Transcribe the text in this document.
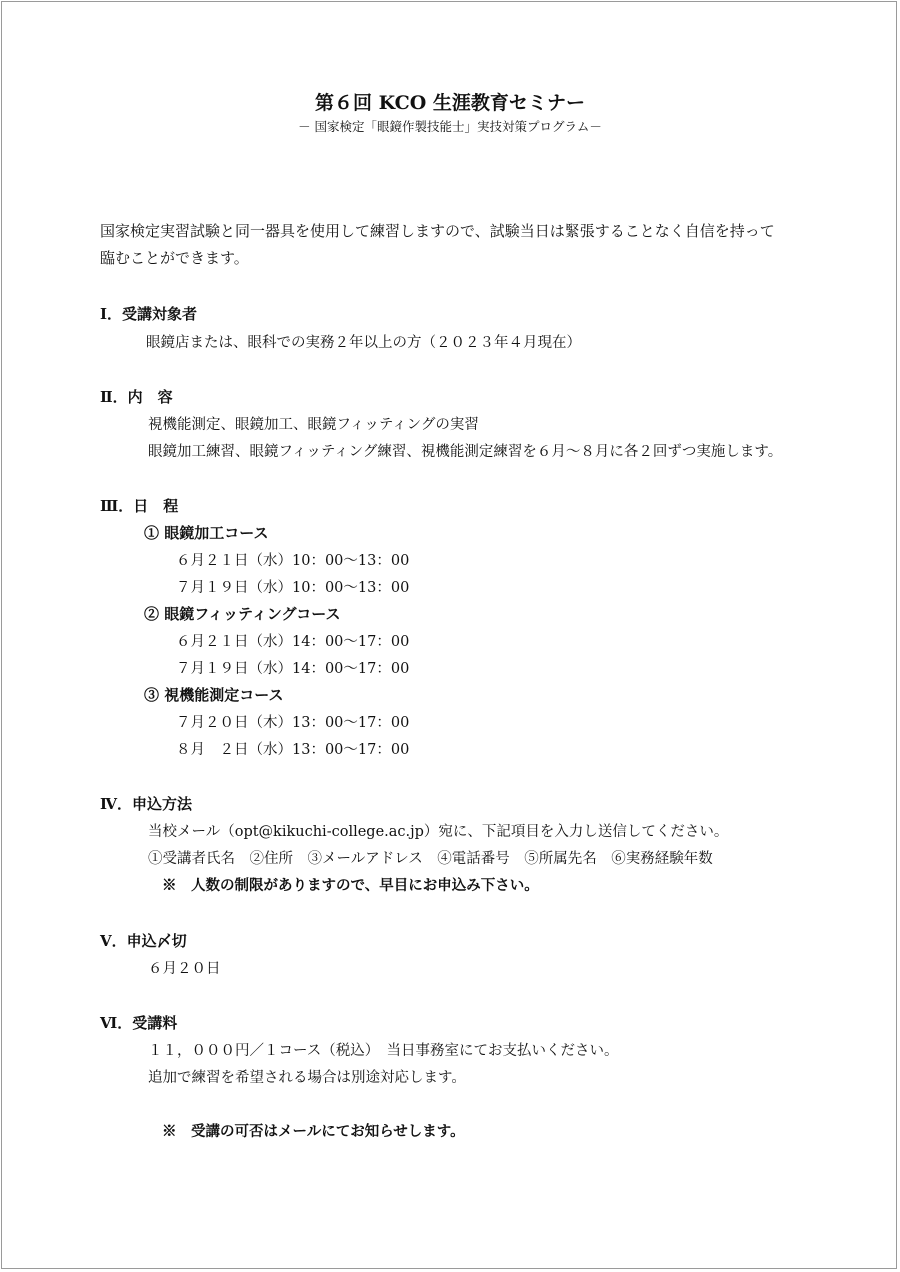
第６回 KCO 生涯教育セミナー
－ 国家検定「眼鏡作製技能士」実技対策プログラム－
国家検定実習試験と同一器具を使用して練習しますので、試験当日は緊張することなく自信を持って
臨むことができます。
Ⅰ．受講対象者
眼鏡店または、眼科での実務２年以上の方（２０２３年４月現在）
Ⅱ．内　容
視機能測定、眼鏡加工、眼鏡フィッティングの実習
眼鏡加工練習、眼鏡フィッティング練習、視機能測定練習を６月～８月に各２回ずつ実施します。
Ⅲ．日　程
① 眼鏡加工コース
６月２１日（水）10：00～13：00
７月１９日（水）10：00～13：00
② 眼鏡フィッティングコース
６月２１日（水）14：00～17：00
７月１９日（水）14：00～17：00
③ 視機能測定コース
７月２０日（木）13：00～17：00
８月　２日（水）13：00～17：00
Ⅳ．申込方法
当校メール（opt@kikuchi-college.ac.jp）宛に、下記項目を入力し送信してください。
①受講者氏名　②住所　③メールアドレス　④電話番号　⑤所属先名　⑥実務経験年数
※　人数の制限がありますので、早目にお申込み下さい。
Ⅴ．申込〆切
６月２０日
Ⅵ．受講料
１１，０００円／１コース（税込）　当日事務室にてお支払いください。
追加で練習を希望される場合は別途対応します。
※　受講の可否はメールにてお知らせします。
